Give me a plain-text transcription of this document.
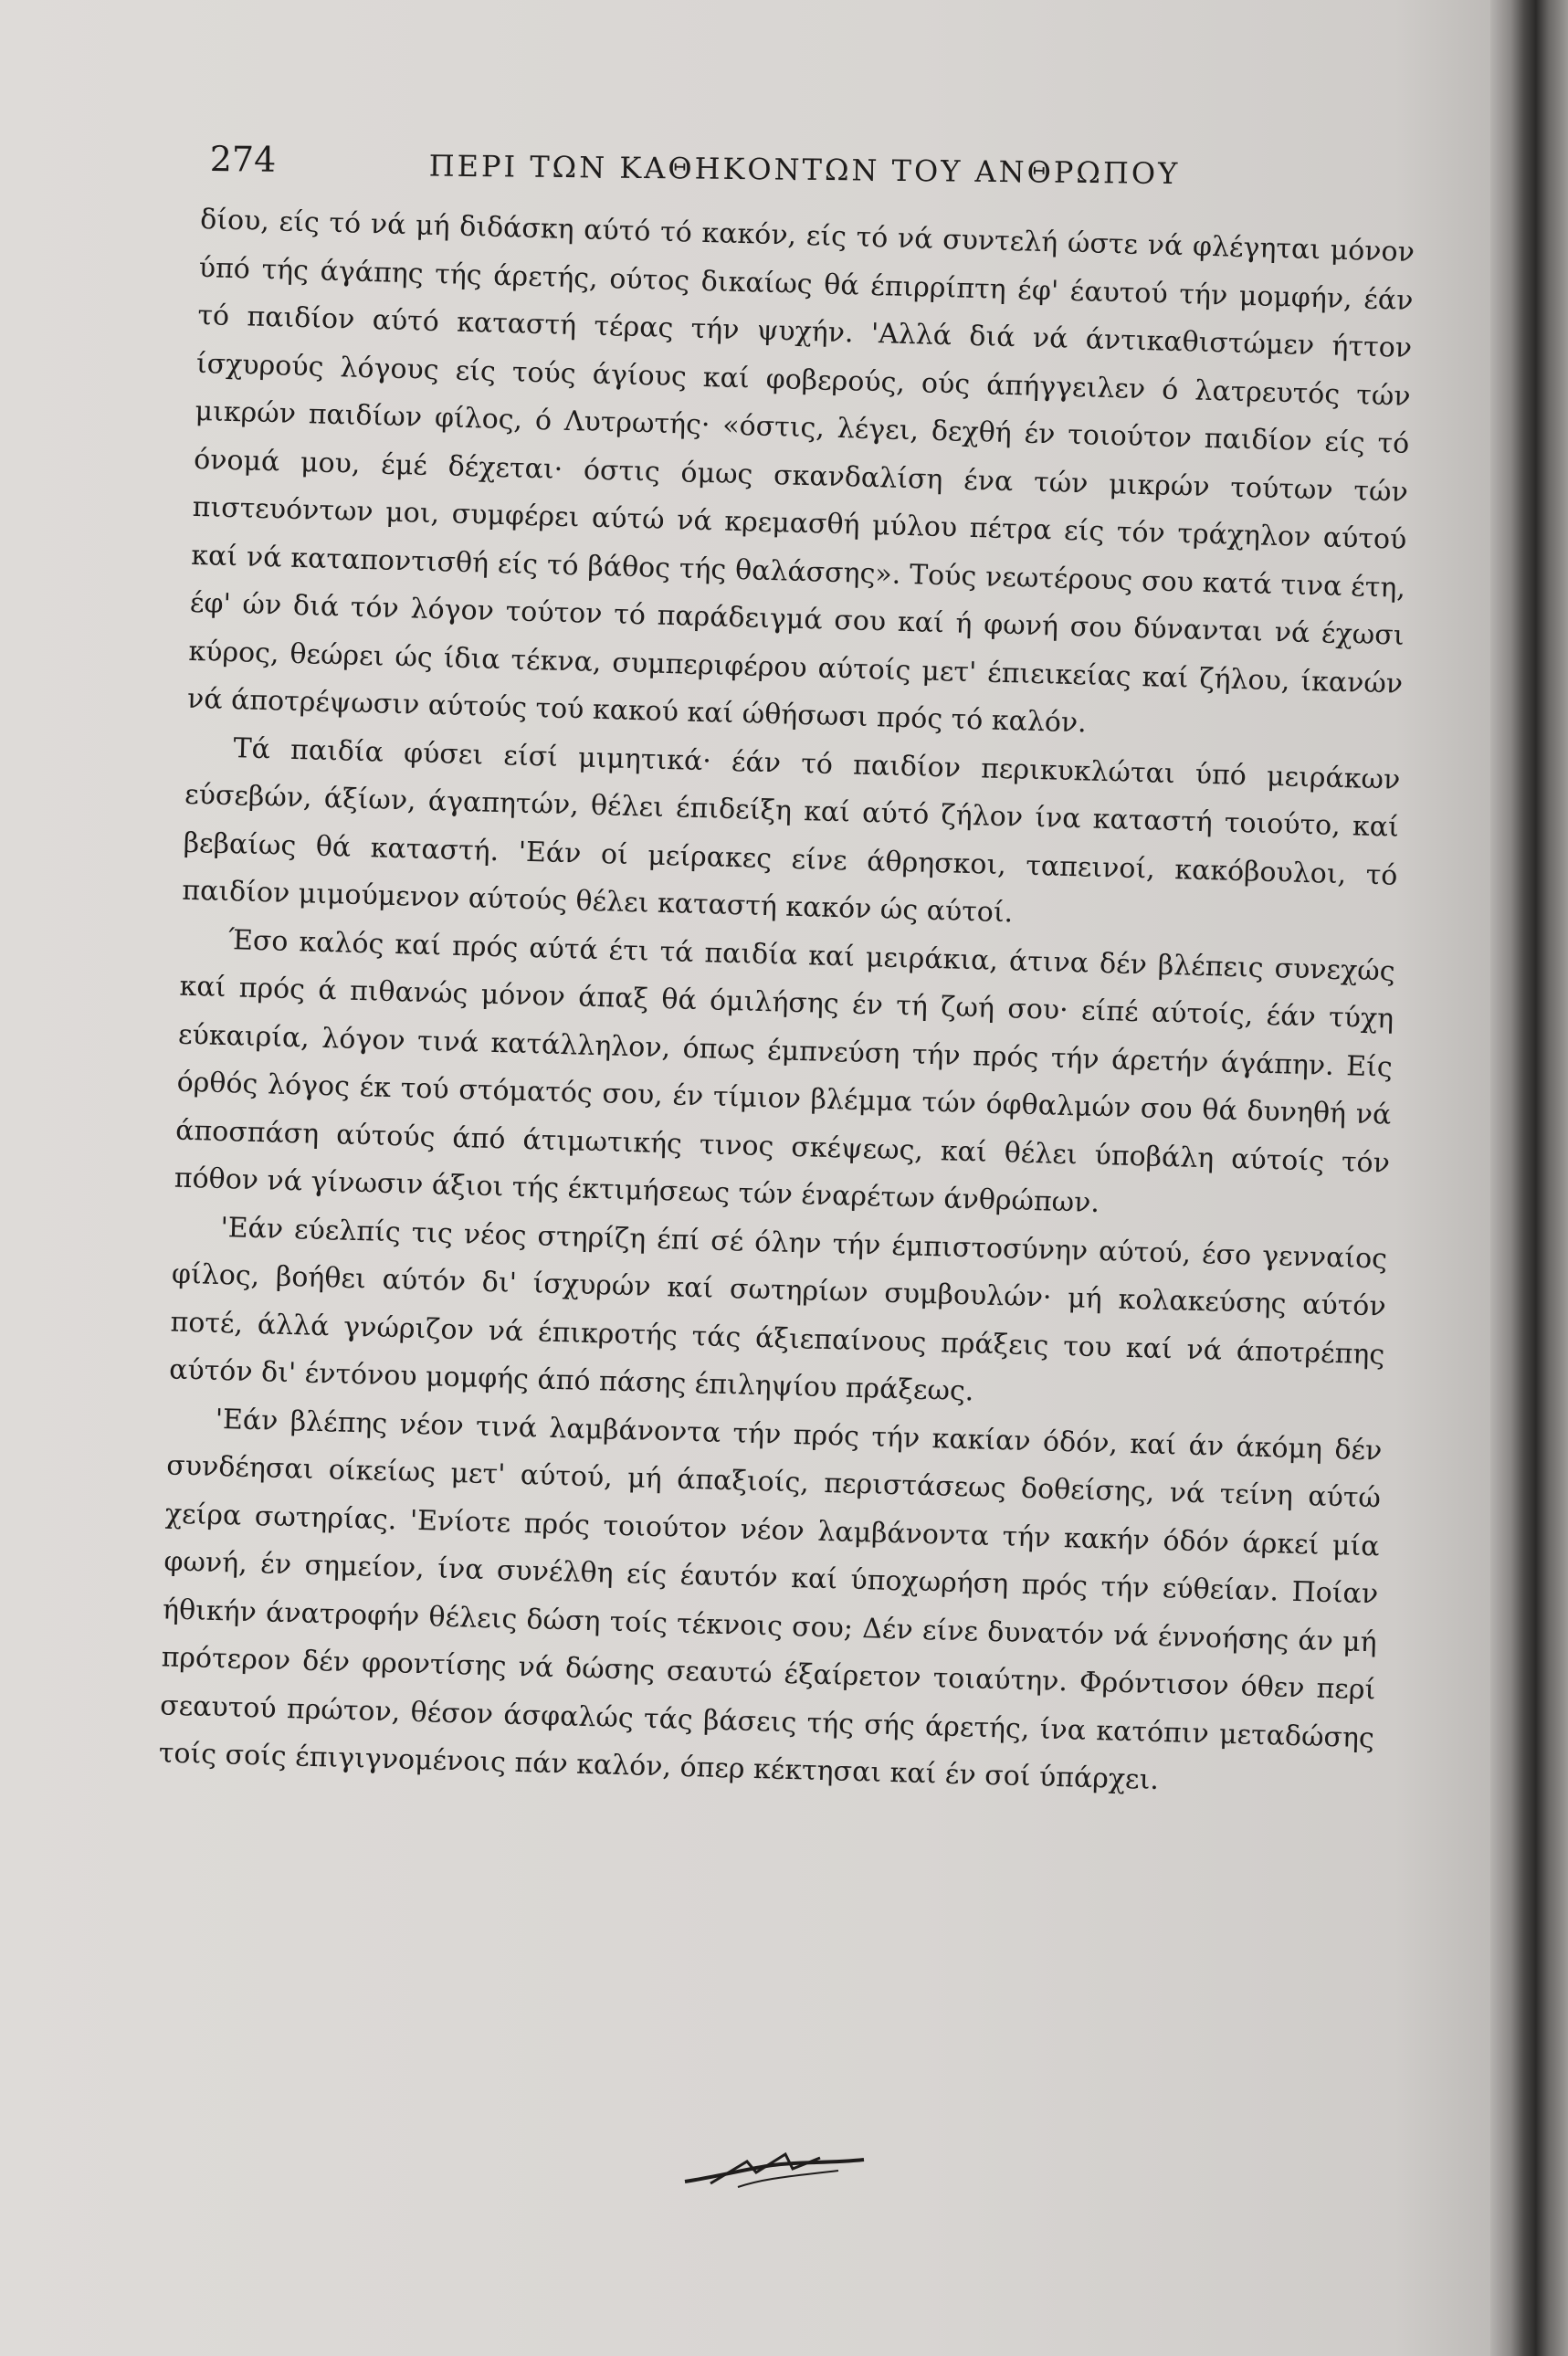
274	ΠΕΡΙ ΤΩΝ ΚΑΘΗΚΟΝΤΩΝ ΤΟΥ ΑΝΘΡΩΠΟΥ

δίου, είς τό νά μή διδάσκη αύτό τό κακόν, είς τό νά συντελή ώστε νά φλέγηται μόνον ύπό τής άγάπης τής άρετής, ούτος δικαίως θά έπιρρίπτη έφ' έαυτού τήν μομφήν, έάν τό παιδίον αύτό καταστή τέρας τήν ψυχήν. 'Αλλά διά νά άντικαθιστώμεν ήττον ίσχυρούς λόγους είς τούς άγίους καί φοβερούς, ούς άπήγγειλεν ό λατρευτός τών μικρών παιδίων φίλος, ό Λυτρωτής· «όστις, λέγει, δεχθή έν τοιούτον παιδίον είς τό όνομά μου, έμέ δέχεται· όστις όμως σκανδαλίση ένα τών μικρών τούτων τών πιστευόντων μοι, συμφέρει αύτώ νά κρεμασθή μύλου πέτρα είς τόν τράχηλον αύτού καί νά καταποντισθή είς τό βάθος τής θαλάσσης». Τούς νεωτέρους σου κατά τινα έτη, έφ' ών διά τόν λόγον τούτον τό παράδειγμά σου καί ή φωνή σου δύνανται νά έχωσι κύρος, θεώρει ώς ίδια τέκνα, συμπεριφέρου αύτοίς μετ' έπιεικείας καί ζήλου, ίκανών νά άποτρέψωσιν αύτούς τού κακού καί ώθήσωσι πρός τό καλόν.

Τά παιδία φύσει είσί μιμητικά· έάν τό παιδίον περικυκλώται ύπό μειράκων εύσεβών, άξίων, άγαπητών, θέλει έπιδείξη καί αύτό ζήλον ίνα καταστή τοιούτο, καί βεβαίως θά καταστή. 'Εάν οί μείρακες είνε άθρησκοι, ταπεινοί, κακόβουλοι, τό παιδίον μιμούμενον αύτούς θέλει καταστή κακόν ώς αύτοί.

Έσο καλός καί πρός αύτά έτι τά παιδία καί μειράκια, άτινα δέν βλέπεις συνεχώς καί πρός ά πιθανώς μόνον άπαξ θά όμιλήσης έν τή ζωή σου· είπέ αύτοίς, έάν τύχη εύκαιρία, λόγον τινά κατάλληλον, όπως έμπνεύση τήν πρός τήν άρετήν άγάπην. Είς όρθός λόγος έκ τού στόματός σου, έν τίμιον βλέμμα τών όφθαλμών σου θά δυνηθή νά άποσπάση αύτούς άπό άτιμωτικής τινος σκέψεως, καί θέλει ύποβάλη αύτοίς τόν πόθον νά γίνωσιν άξιοι τής έκτιμήσεως τών έναρέτων άνθρώπων.

'Εάν εύελπίς τις νέος στηρίζη έπί σέ όλην τήν έμπιστοσύνην αύτού, έσο γενναίος φίλος, βοήθει αύτόν δι' ίσχυρών καί σωτηρίων συμβουλών· μή κολακεύσης αύτόν ποτέ, άλλά γνώριζον νά έπικροτής τάς άξιεπαίνους πράξεις του καί νά άποτρέπης αύτόν δι' έντόνου μομφής άπό πάσης έπιληψίου πράξεως.

'Εάν βλέπης νέον τινά λαμβάνοντα τήν πρός τήν κακίαν όδόν, καί άν άκόμη δέν συνδέησαι οίκείως μετ' αύτού, μή άπαξιοίς, περιστάσεως δοθείσης, νά τείνη αύτώ χείρα σωτηρίας. 'Ενίοτε πρός τοιούτον νέον λαμβάνοντα τήν κακήν όδόν άρκεί μία φωνή, έν σημείον, ίνα συνέλθη είς έαυτόν καί ύποχωρήση πρός τήν εύθείαν. Ποίαν ήθικήν άνατροφήν θέλεις δώση τοίς τέκνοις σου; Δέν είνε δυνατόν νά έννοήσης άν μή πρότερον δέν φροντίσης νά δώσης σεαυτώ έξαίρετον τοιαύτην. Φρόντισον όθεν περί σεαυτού πρώτον, θέσον άσφαλώς τάς βάσεις τής σής άρετής, ίνα κατόπιν μεταδώσης τοίς σοίς έπιγιγνομένοις πάν καλόν, όπερ κέκτησαι καί έν σοί ύπάρχει.
